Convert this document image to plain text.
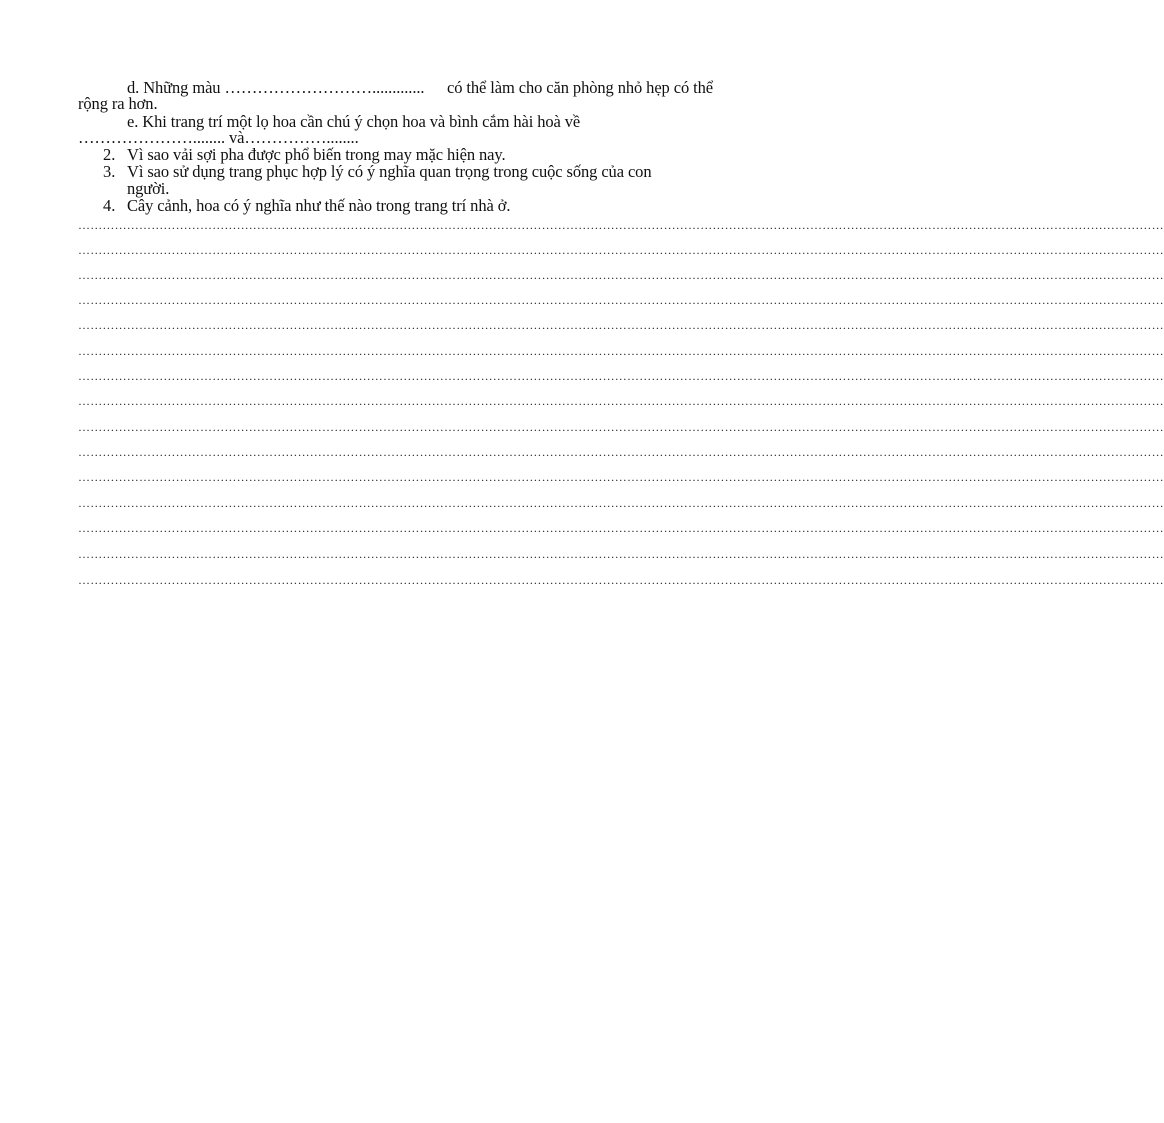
d. Những màu ………………………............. có thể làm cho căn phòng nhỏ hẹp có thể
rộng ra hơn.
e. Khi trang trí một lọ hoa cần chú ý chọn hoa và bình cắm hài hoà về
…………………........ và……………........
2. Vì sao vải sợi pha được phổ biến trong may mặc hiện nay.
3. Vì sao sử dụng trang phục hợp lý có ý nghĩa quan trọng trong cuộc sống của con
người.
4. Cây cảnh, hoa có ý nghĩa như thế nào trong trang trí nhà ở.
……………………………………………………………………………………………………………………………………………………………………………………………………………………………………………
……………………………………………………………………………………………………………………………………………………………………………………………………………………………………………
……………………………………………………………………………………………………………………………………………………………………………………………………………………………………………
……………………………………………………………………………………………………………………………………………………………………………………………………………………………………………
……………………………………………………………………………………………………………………………………………………………………………………………………………………………………………
……………………………………………………………………………………………………………………………………………………………………………………………………………………………………………
……………………………………………………………………………………………………………………………………………………………………………………………………………………………………………
……………………………………………………………………………………………………………………………………………………………………………………………………………………………………………
……………………………………………………………………………………………………………………………………………………………………………………………………………………………………………
……………………………………………………………………………………………………………………………………………………………………………………………………………………………………………
……………………………………………………………………………………………………………………………………………………………………………………………………………………………………………
……………………………………………………………………………………………………………………………………………………………………………………………………………………………………………
……………………………………………………………………………………………………………………………………………………………………………………………………………………………………………
……………………………………………………………………………………………………………………………………………………………………………………………………………………………………………
……………………………………………………………………………………………………………………………………………………………………………………………………………………………………………
